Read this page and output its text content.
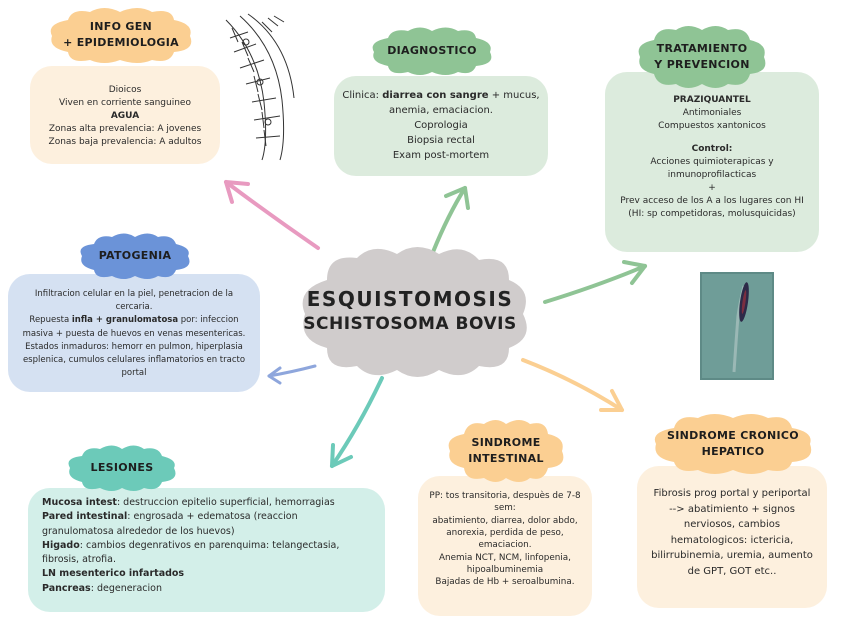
ESQUISTOMOSIS
SCHISTOSOMA BOVIS

Dioicos

Viven en corriente sanguineo

AGUA

Zonas alta prevalencia: A jovenes

Zonas baja prevalencia: A adultos

INFO GEN
+ EPIDEMIOLOGIA

Clinica: diarrea con sangre + mucus, anemia, emaciacion.

Coprologia

Biopsia rectal

Exam post-mortem

DIAGNOSTICO

PRAZIQUANTEL

Antimoniales

Compuestos xantonicos

Control:

Acciones quimioterapicas y

inmunoprofilacticas

+

Prev acceso de los A a los lugares con HI

(HI: sp competidoras, molusquicidas)

TRATAMIENTO
Y PREVENCION

Infiltracion celular en la piel, penetracion de la cercaria.

Repuesta infla + granulomatosa por: infeccion masiva + puesta de huevos en venas mesentericas.

Estados inmaduros: hemorr en pulmon, hiperplasia esplenica, cumulos celulares inflamatorios en tracto portal

PATOGENIA

Mucosa intest: destruccion epitelio superficial, hemorragias

Pared intestinal: engrosada + edematosa (reaccion granulomatosa alrededor de los huevos)

Higado: cambios degenrativos en parenquima: telangectasia, fibrosis, atrofia.

LN mesenterico infartados

Pancreas: degeneracion

LESIONES

PP: tos transitoria, despuès de 7-8 sem:

abatimiento, diarrea, dolor abdo, anorexia, perdida de peso, emaciacion.

Anemia NCT, NCM, linfopenia, hipoalbuminemia

Bajadas de Hb + seroalbumina.

SINDROME
INTESTINAL

Fibrosis prog portal y periportal

--> abatimiento + signos nerviosos, cambios hematologicos: ictericia, bilirrubinemia, uremia, aumento de GPT, GOT etc..

SINDROME CRONICO
HEPATICO
